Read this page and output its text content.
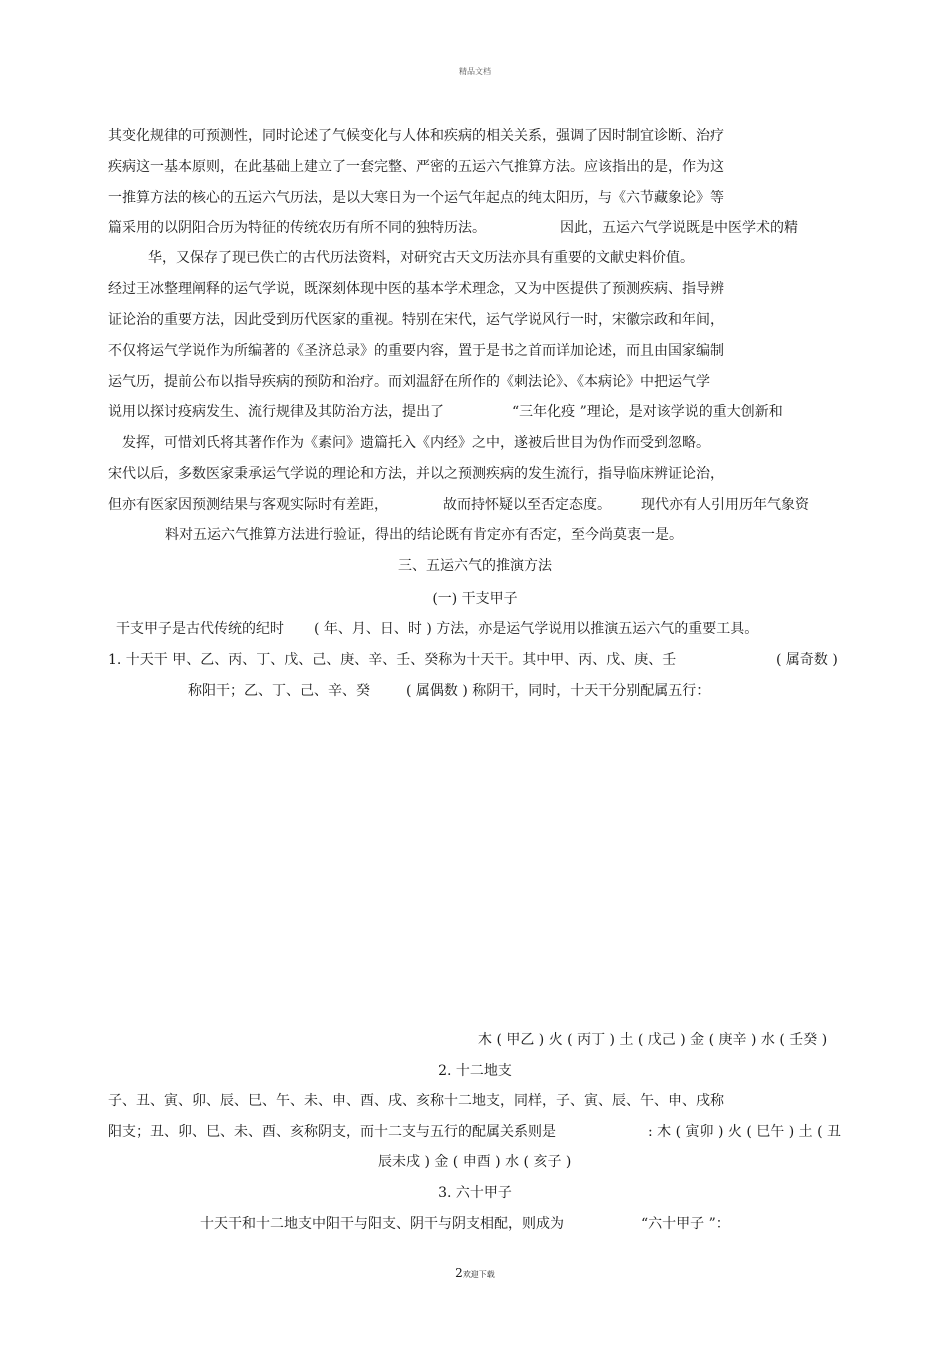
精品文档
其变化规律的可预测性，同时论述了气候变化与人体和疾病的相关关系，强调了因时制宜诊断、治疗
疾病这一基本原则，在此基础上建立了一套完整、严密的五运六气推算方法。应该指出的是，作为这
一推算方法的核心的五运六气历法，是以大寒日为一个运气年起点的纯太阳历，与《六节藏象论》等
篇采用的以阴阳合历为特征的传统农历有所不同的独特历法。	因此，五运六气学说既是中医学术的精
华，又保存了现已佚亡的古代历法资料，对研究古天文历法亦具有重要的文献史料价值。
经过王冰整理阐释的运气学说，既深刻体现中医的基本学术理念，又为中医提供了预测疾病、指导辨
证论治的重要方法，因此受到历代医家的重视。特别在宋代，运气学说风行一时，宋徽宗政和年间，
不仅将运气学说作为所编著的《圣济总录》的重要内容，置于是书之首而详加论述，而且由国家编制
运气历，提前公布以指导疾病的预防和治疗。而刘温舒在所作的《刺法论》、《本病论》中把运气学
说用以探讨疫病发生、流行规律及其防治方法，提出了	“三年化疫 ”理论，是对该学说的重大创新和
发挥，可惜刘氏将其著作作为《素问》遗篇托入《内经》之中，遂被后世目为伪作而受到忽略。
宋代以后，多数医家秉承运气学说的理论和方法，并以之预测疾病的发生流行，指导临床辨证论治，
但亦有医家因预测结果与客观实际时有差距，	故而持怀疑以至否定态度。 现代亦有人引用历年气象资
料对五运六气推算方法进行验证，得出的结论既有肯定亦有否定，至今尚莫衷一是。
三、五运六气的推演方法
(一) 干支甲子
干支甲子是古代传统的纪时 ( 年、月、日、时 ) 方法，亦是运气学说用以推演五运六气的重要工具。
1. 十天干 甲、乙、丙、丁、戊、己、庚、辛、壬、癸称为十天干。其中甲、丙、戊、庚、壬	( 属奇数 )
称阳干；乙、丁、己、辛、癸	( 属偶数 ) 称阴干，同时，十天干分别配属五行：
木 ( 甲乙 ) 火 ( 丙丁 ) 土 ( 戊己 ) 金 ( 庚辛 ) 水 ( 壬癸 )
2. 十二地支
子、丑、寅、卯、辰、巳、午、未、申、酉、戌、亥称十二地支，同样，子、寅、辰、午、申、戌称
阳支；丑、卯、巳、未、酉、亥称阴支，而十二支与五行的配属关系则是	: 木 ( 寅卯 ) 火 ( 巳午 ) 土 ( 丑
辰未戌 ) 金 ( 申酉 ) 水 ( 亥子 )
3. 六十甲子
十天干和十二地支中阳干与阳支、阴干与阴支相配，则成为	“六十甲子 ”：
2欢迎下载
